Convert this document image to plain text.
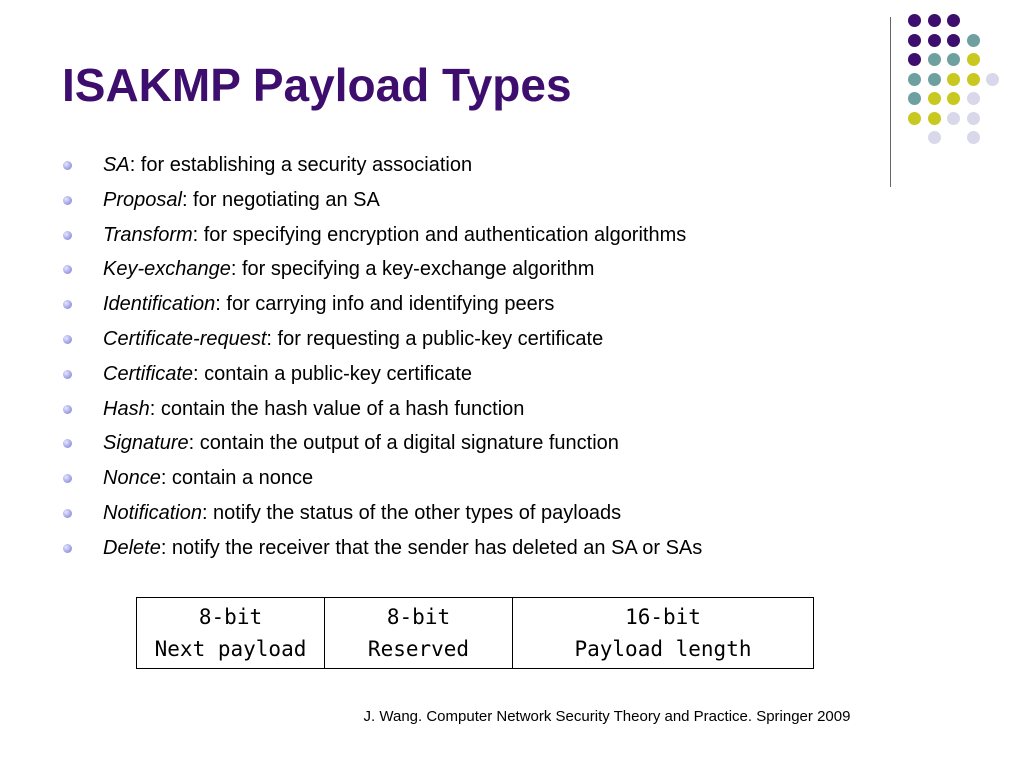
ISAKMP Payload Types
SA: for establishing a security association
Proposal: for negotiating an SA
Transform: for specifying encryption and authentication algorithms
Key-exchange: for specifying a key-exchange algorithm
Identification: for carrying info and identifying peers
Certificate-request: for requesting a public-key certificate
Certificate: contain a public-key certificate
Hash: contain the hash value of a hash function
Signature: contain the output of a digital signature function
Nonce: contain a nonce
Notification: notify the status of the other types of payloads
Delete: notify the receiver that the sender has deleted an SA or SAs
8-bit
Next payload
8-bit
Reserved
16-bit
Payload length
J. Wang. Computer Network Security Theory and Practice. Springer 2009
